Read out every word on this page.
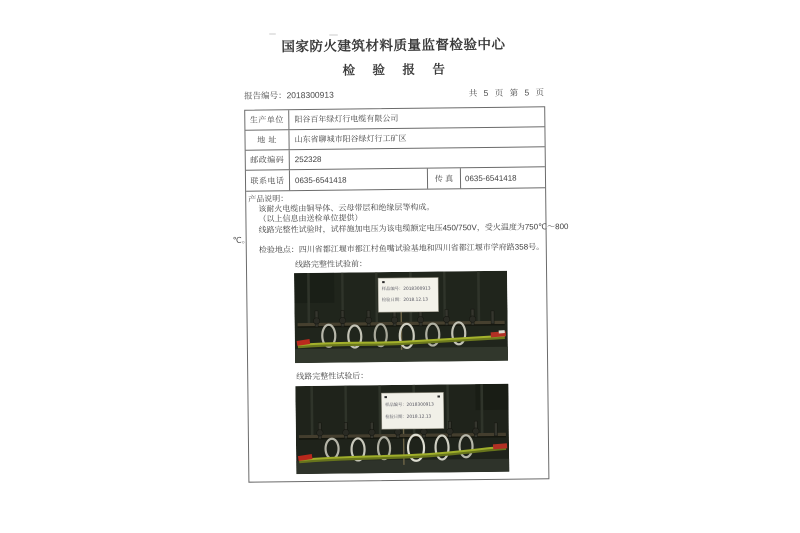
国家防火建筑材料质量监督检验中心
检 验 报 告
报告编号：2018300913	共 5 页 第 5 页
生产单位	阳谷百年绿灯行电缆有限公司
地 址	山东省聊城市阳谷绿灯行工矿区
邮政编码	252328
联系电话	0635-6541418	传 真	0635-6541418
产品说明：
该耐火电缆由铜导体、云母带层和绝缘层等构成。
（以上信息由送检单位提供）
线路完整性试验时，试样施加电压为该电缆额定电压450/750V，受火温度为750℃～800
℃。
检验地点：四川省都江堰市都江村鱼嘴试验基地和四川省都江堰市学府路358号。
线路完整性试验前：
样品编号：2018300913
检验日期：2018.12.13
线路完整性试验后：
样品编号：2018300913
检验日期：2018.12.13
